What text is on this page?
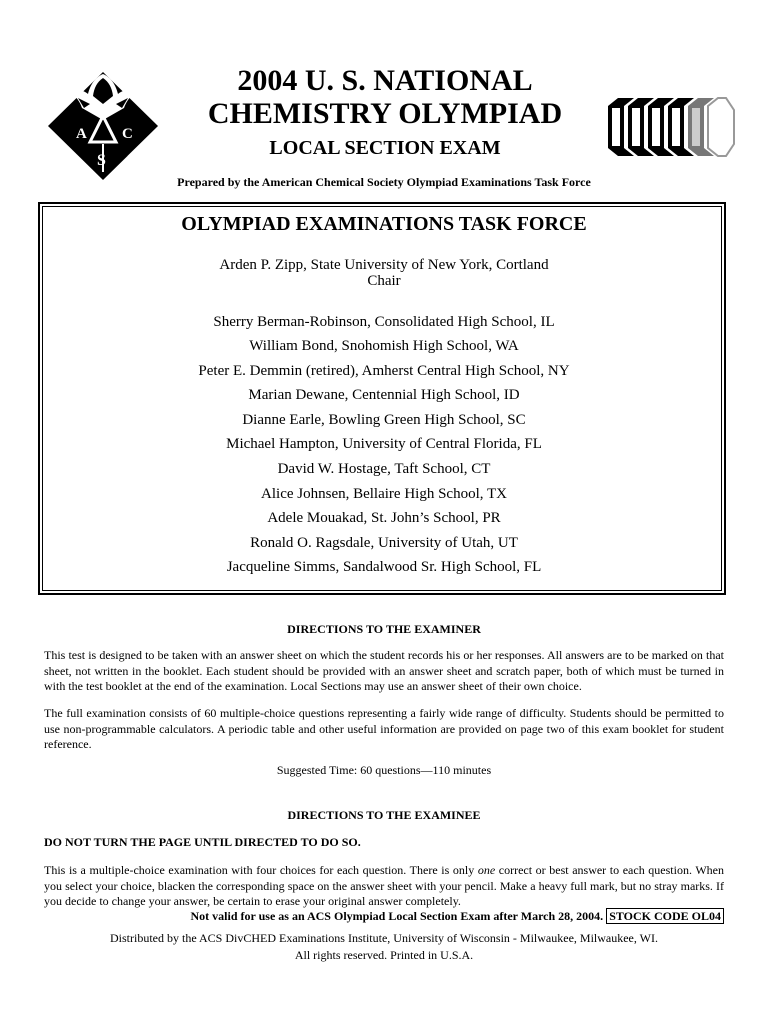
A C
S
2004 U. S. NATIONAL
CHEMISTRY OLYMPIAD
LOCAL SECTION EXAM
Prepared by the American Chemical Society Olympiad Examinations Task Force
OLYMPIAD EXAMINATIONS TASK FORCE
Arden P. Zipp, State University of New York, Cortland
Chair
Sherry Berman-Robinson, Consolidated High School, IL
William Bond, Snohomish High School, WA
Peter E. Demmin (retired), Amherst Central High School, NY
Marian Dewane, Centennial High School, ID
Dianne Earle, Bowling Green High School, SC
Michael Hampton, University of Central Florida, FL
David W. Hostage, Taft School, CT
Alice Johnsen, Bellaire High School, TX
Adele Mouakad, St. John’s School, PR
Ronald O. Ragsdale, University of Utah, UT
Jacqueline Simms, Sandalwood Sr. High School, FL
DIRECTIONS TO THE EXAMINER
This test is designed to be taken with an answer sheet on which the student records his or her responses. All answers are to be marked on that sheet, not written in the booklet. Each student should be provided with an answer sheet and scratch paper, both of which must be turned in with the test booklet at the end of the examination. Local Sections may use an answer sheet of their own choice.
The full examination consists of 60 multiple-choice questions representing a fairly wide range of difficulty. Students should be permitted to use non-programmable calculators. A periodic table and other useful information are provided on page two of this exam booklet for student reference.
Suggested Time: 60 questions—110 minutes
DIRECTIONS TO THE EXAMINEE
DO NOT TURN THE PAGE UNTIL DIRECTED TO DO SO.
This is a multiple-choice examination with four choices for each question. There is only one correct or best answer to each question. When you select your choice, blacken the corresponding space on the answer sheet with your pencil. Make a heavy full mark, but no stray marks. If you decide to change your answer, be certain to erase your original answer completely.
Not valid for use as an ACS Olympiad Local Section Exam after March 28, 2004. STOCK CODE OL04
Distributed by the ACS DivCHED Examinations Institute, University of Wisconsin - Milwaukee, Milwaukee, WI.
All rights reserved. Printed in U.S.A.
